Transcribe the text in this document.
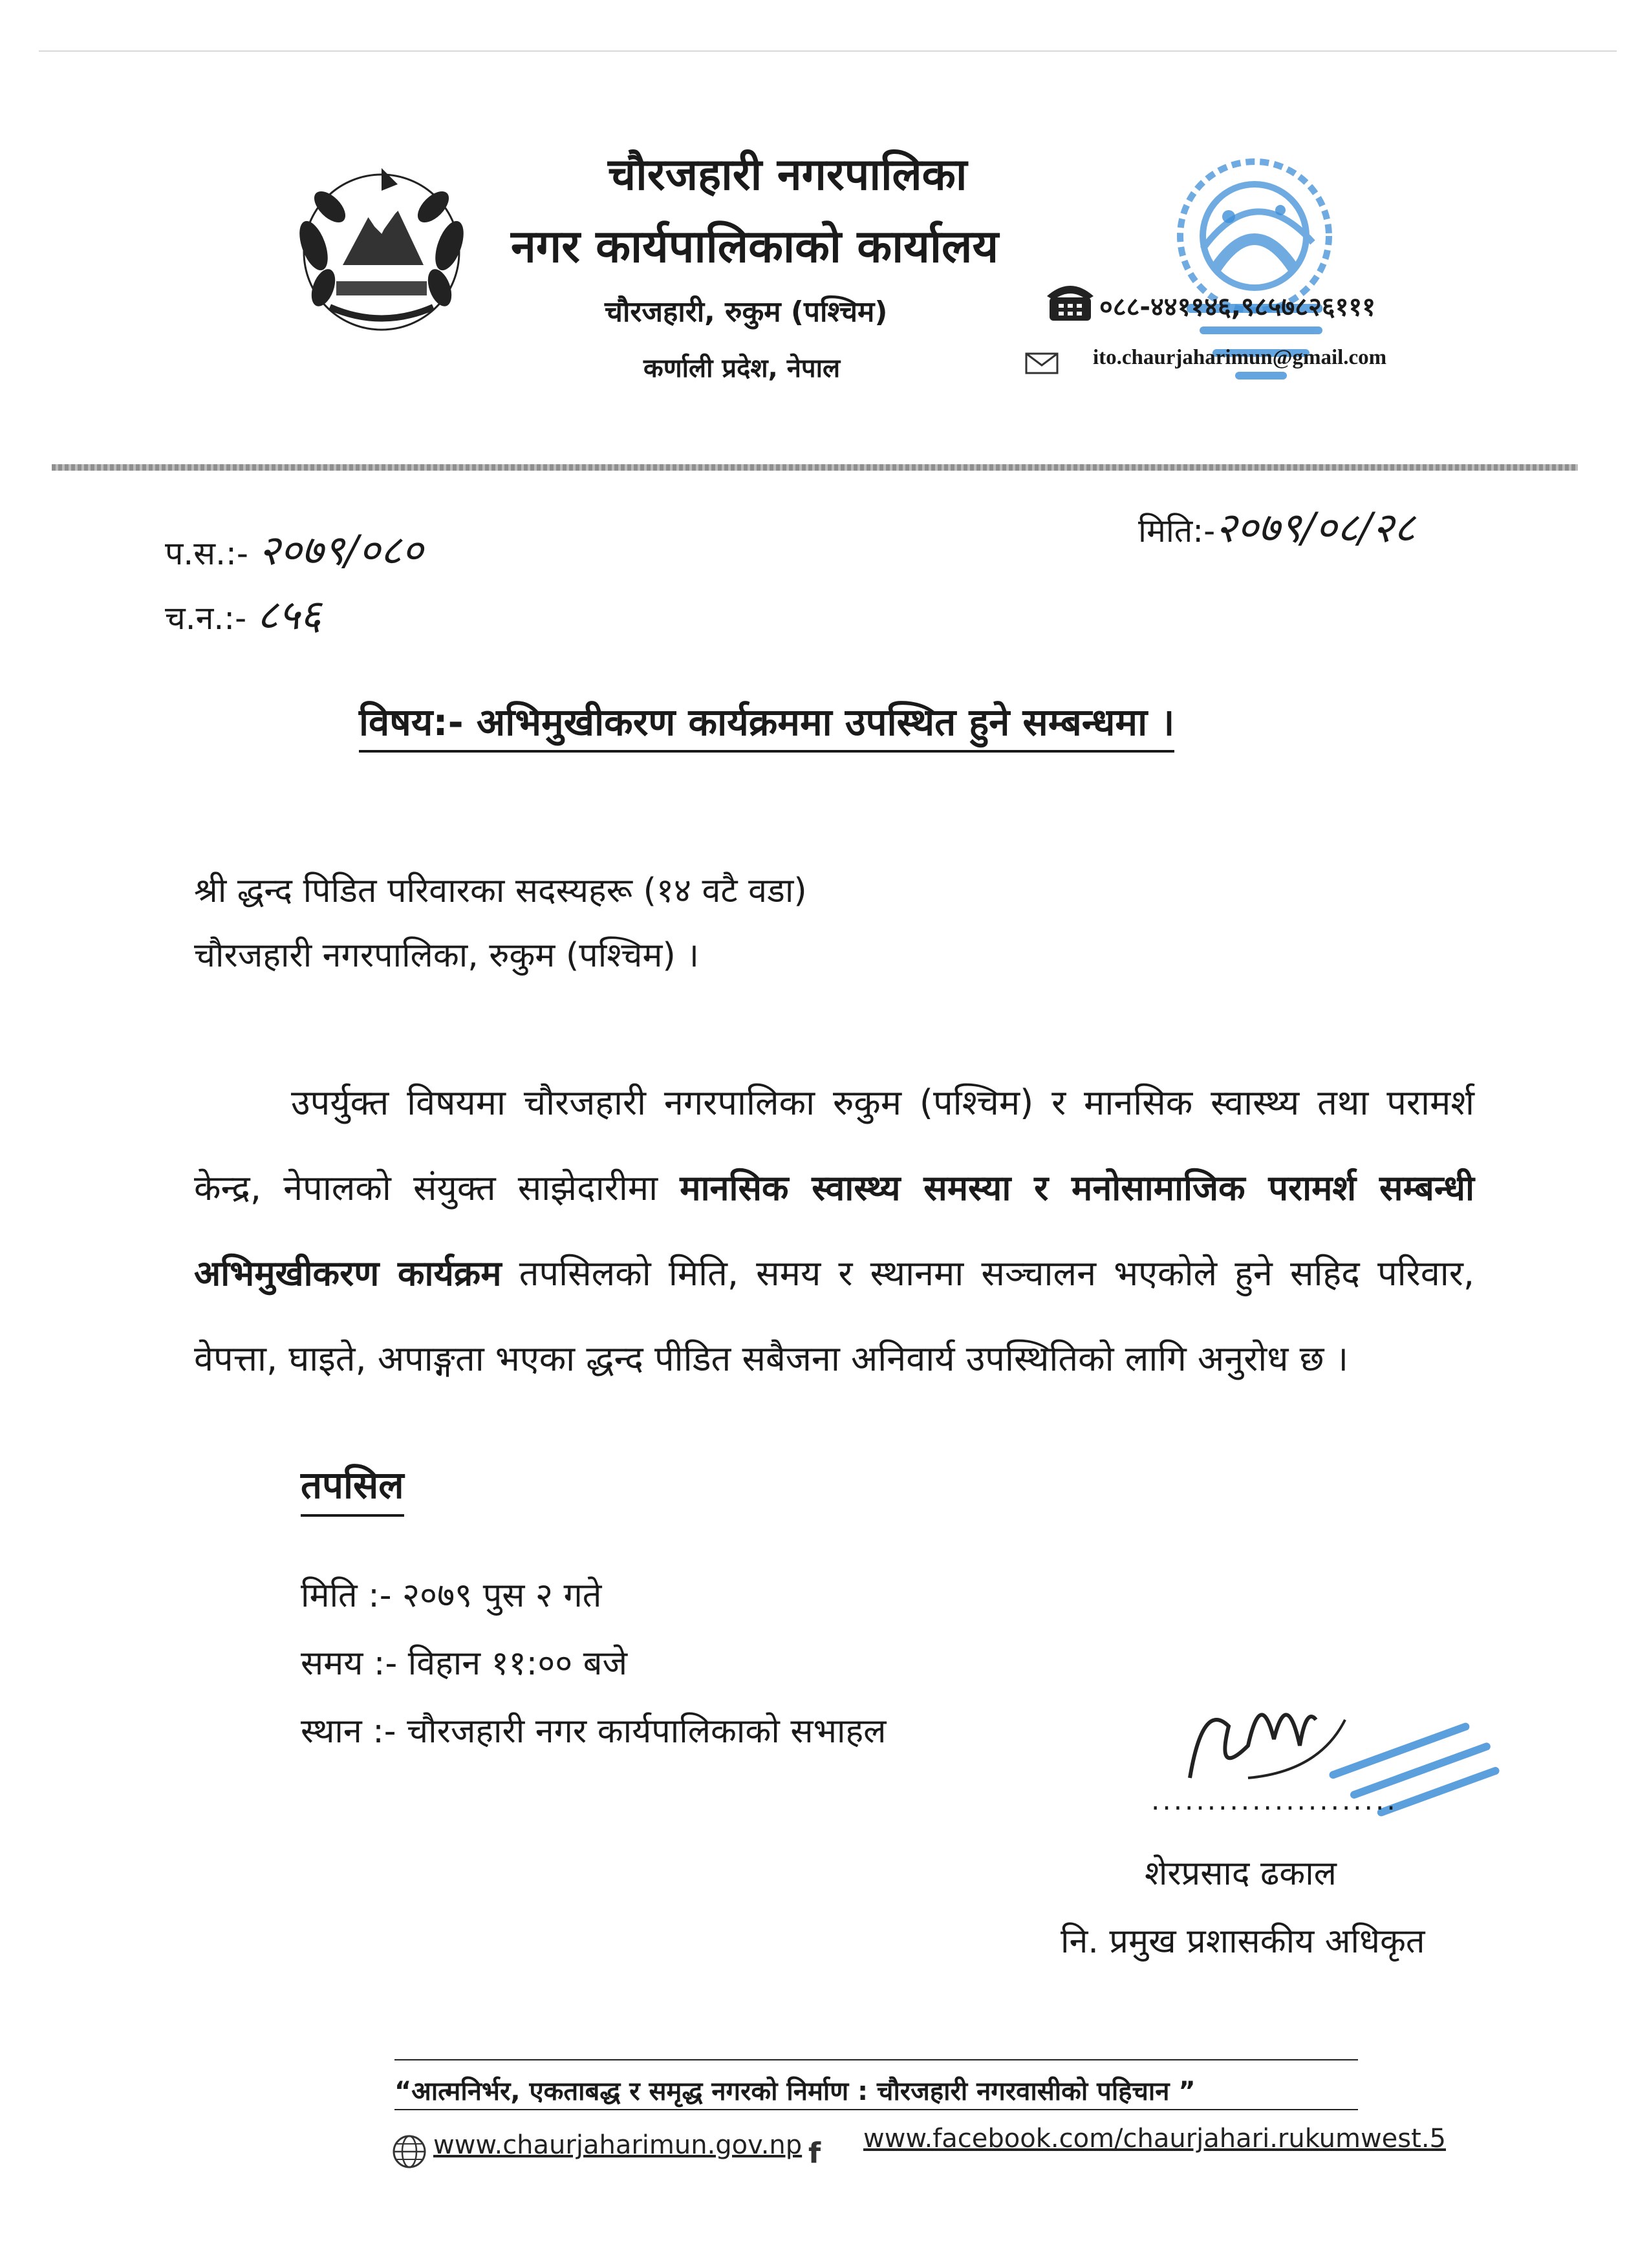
चौरजहारी नगरपालिका
नगर कार्यपालिकाको कार्यालय
चौरजहारी, रुकुम (पश्चिम)
कर्णाली प्रदेश, नेपाल
०८८-४४११४६,९८५७८२६१११
ito.chaurjaharimun@gmail.com
प.स.:- २०७९/०८०
च.न.:- ८५६
मिति:-२०७९/०८/२८
विषय:- अभिमुखीकरण कार्यक्रममा उपस्थित हुने सम्बन्धमा ।
श्री द्धन्द पिडित परिवारका सदस्यहरू (१४ वटै वडा)
चौरजहारी नगरपालिका, रुकुम (पश्चिम) ।
उपर्युक्त विषयमा चौरजहारी नगरपालिका रुकुम (पश्चिम) र मानसिक स्वास्थ्य तथा परामर्श केन्द्र, नेपालको संयुक्त साझेदारीमा मानसिक स्वास्थ्य समस्या र मनोसामाजिक परामर्श सम्बन्धी अभिमुखीकरण कार्यक्रम तपसिलको मिति, समय र स्थानमा सञ्चालन भएकोले हुने सहिद परिवार, वेपत्ता, घाइते, अपाङ्गता भएका द्धन्द पीडित सबैजना अनिवार्य उपस्थितिको लागि अनुरोध छ ।
तपसिल
मिति :- २०७९ पुस २ गते
समय :- विहान ११:०० बजे
स्थान :- चौरजहारी नगर कार्यपालिकाको सभाहल
......................
शेरप्रसाद ढकाल
नि. प्रमुख प्रशासकीय अधिकृत
“आत्मनिर्भर, एकताबद्ध र समृद्ध नगरको निर्माण : चौरजहारी नगरवासीको पहिचान ”
www.chaurjaharimun.gov.np f www.facebook.com/chaurjahari.rukumwest.5
